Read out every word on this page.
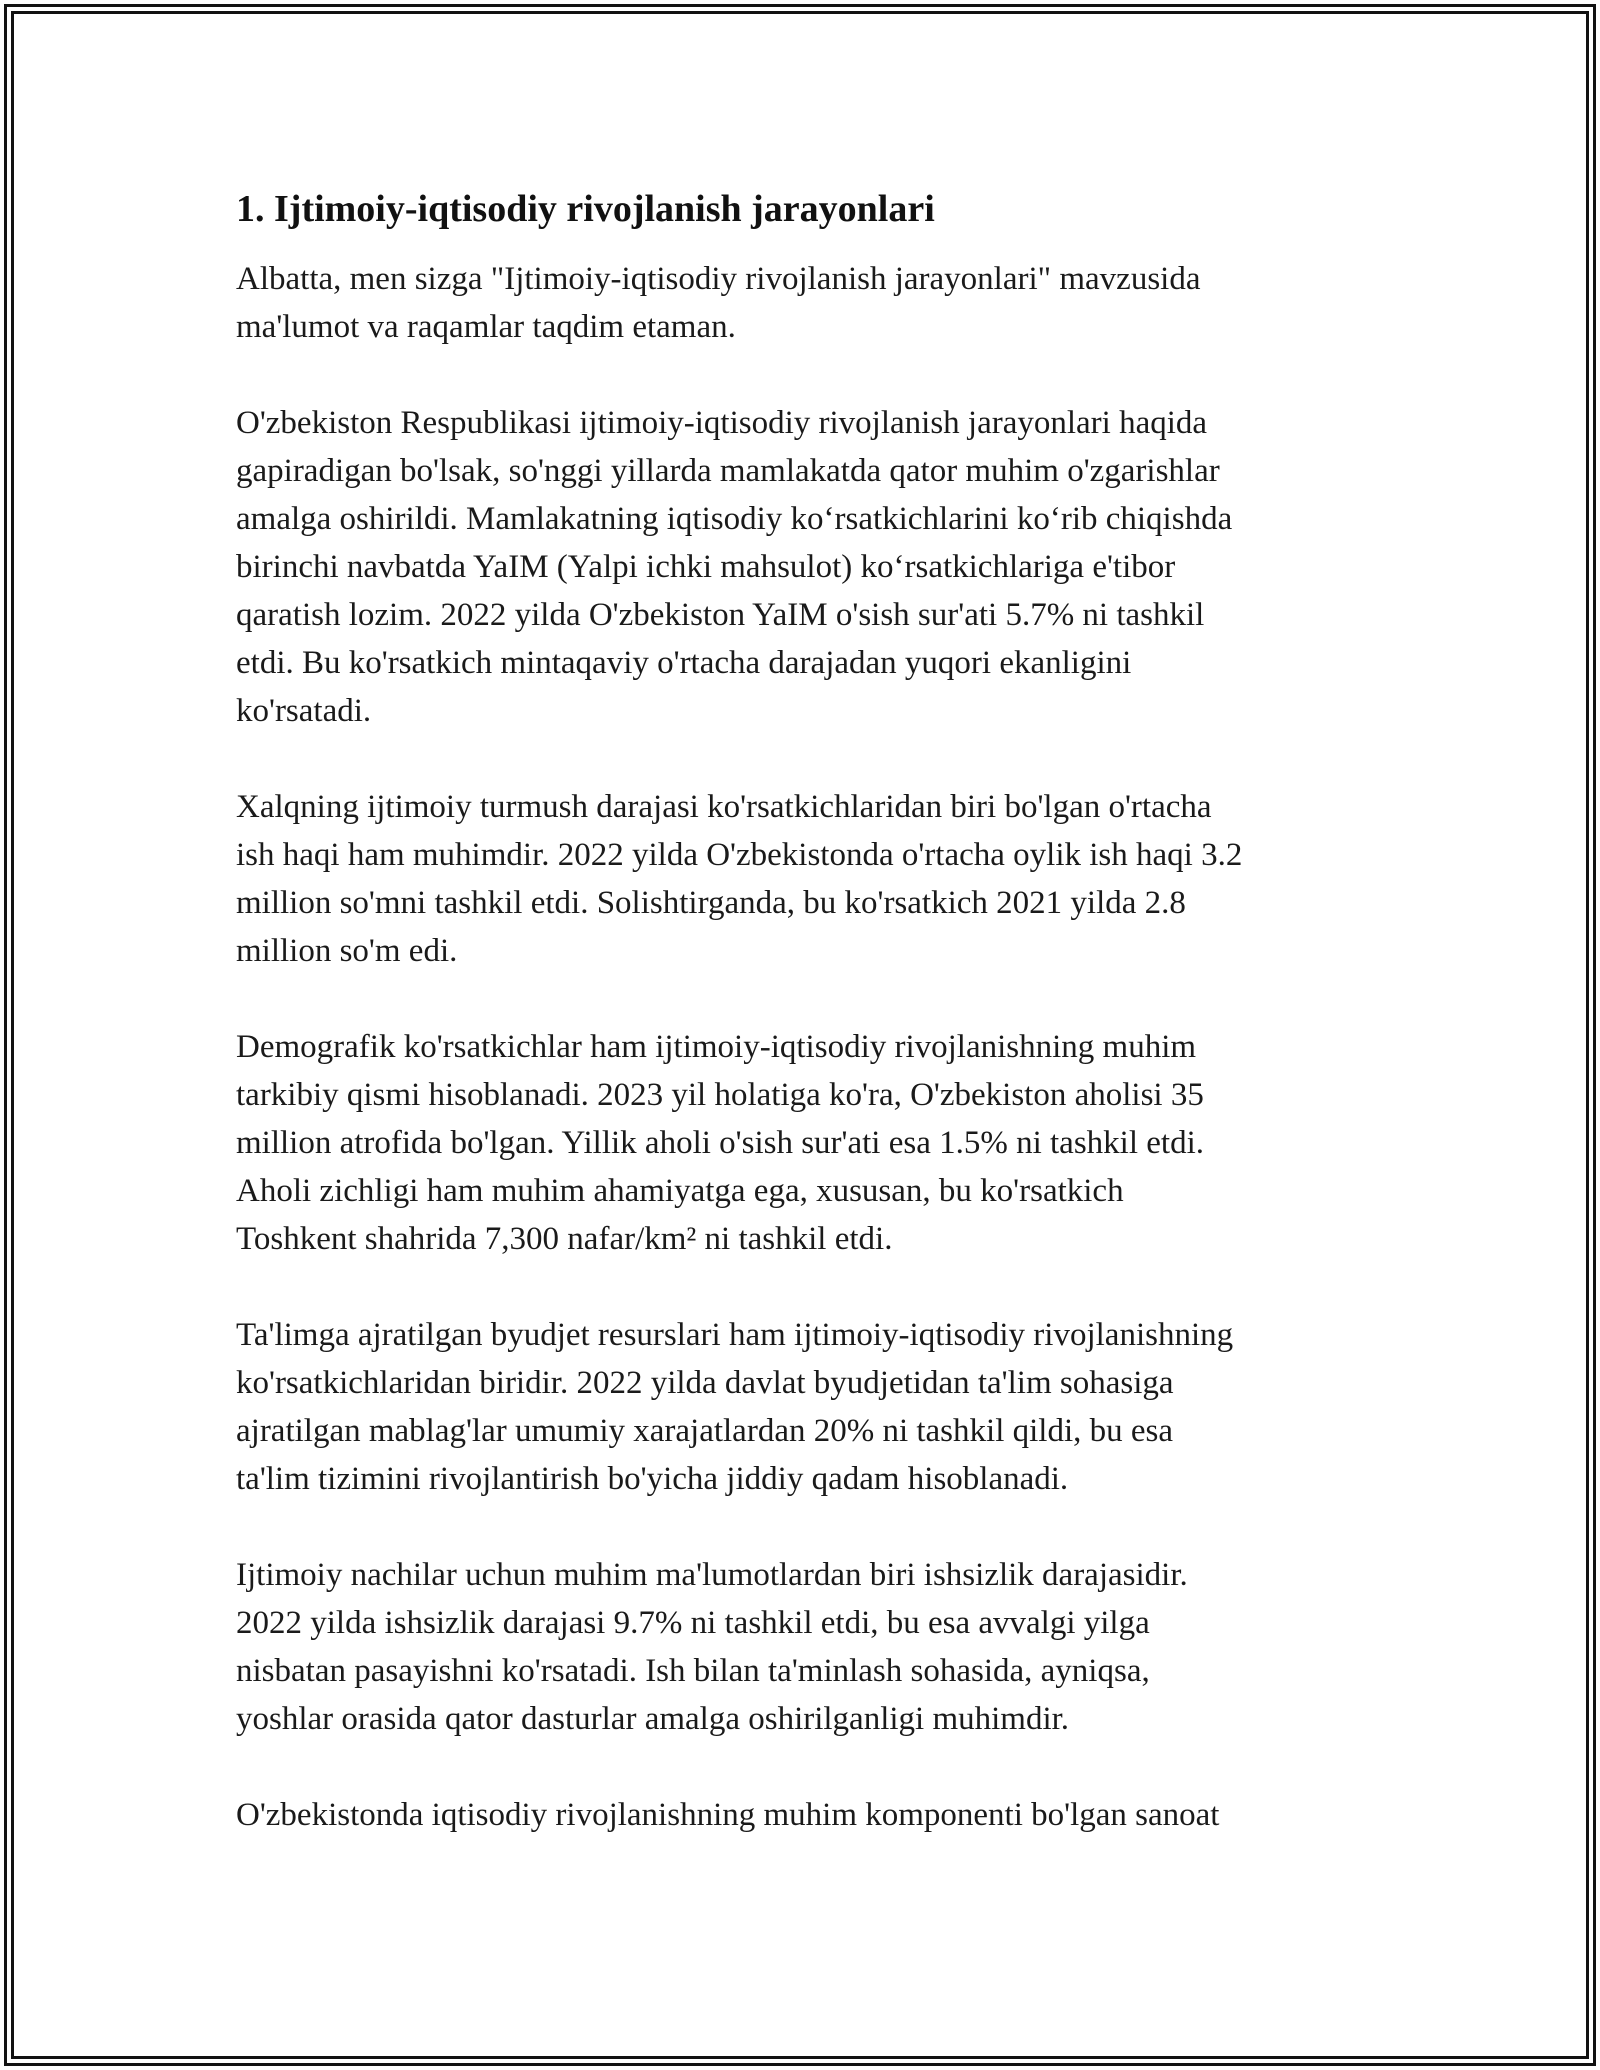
1. Ijtimoiy-iqtisodiy rivojlanish jarayonlari

Albatta, men sizga "Ijtimoiy-iqtisodiy rivojlanish jarayonlari" mavzusida
ma'lumot va raqamlar taqdim etaman.

O'zbekiston Respublikasi ijtimoiy-iqtisodiy rivojlanish jarayonlari haqida
gapiradigan bo'lsak, so'nggi yillarda mamlakatda qator muhim o'zgarishlar
amalga oshirildi. Mamlakatning iqtisodiy ko‘rsatkichlarini ko‘rib chiqishda
birinchi navbatda YaIM (Yalpi ichki mahsulot) ko‘rsatkichlariga e'tibor
qaratish lozim. 2022 yilda O'zbekiston YaIM o'sish sur'ati 5.7% ni tashkil
etdi. Bu ko'rsatkich mintaqaviy o'rtacha darajadan yuqori ekanligini
ko'rsatadi.

Xalqning ijtimoiy turmush darajasi ko'rsatkichlaridan biri bo'lgan o'rtacha
ish haqi ham muhimdir. 2022 yilda O'zbekistonda o'rtacha oylik ish haqi 3.2
million so'mni tashkil etdi. Solishtirganda, bu ko'rsatkich 2021 yilda 2.8
million so'm edi.

Demografik ko'rsatkichlar ham ijtimoiy-iqtisodiy rivojlanishning muhim
tarkibiy qismi hisoblanadi. 2023 yil holatiga ko'ra, O'zbekiston aholisi 35
million atrofida bo'lgan. Yillik aholi o'sish sur'ati esa 1.5% ni tashkil etdi.
Aholi zichligi ham muhim ahamiyatga ega, xususan, bu ko'rsatkich
Toshkent shahrida 7,300 nafar/km² ni tashkil etdi.

Ta'limga ajratilgan byudjet resurslari ham ijtimoiy-iqtisodiy rivojlanishning
ko'rsatkichlaridan biridir. 2022 yilda davlat byudjetidan ta'lim sohasiga
ajratilgan mablag'lar umumiy xarajatlardan 20% ni tashkil qildi, bu esa
ta'lim tizimini rivojlantirish bo'yicha jiddiy qadam hisoblanadi.

Ijtimoiy nachilar uchun muhim ma'lumotlardan biri ishsizlik darajasidir.
2022 yilda ishsizlik darajasi 9.7% ni tashkil etdi, bu esa avvalgi yilga
nisbatan pasayishni ko'rsatadi. Ish bilan ta'minlash sohasida, ayniqsa,
yoshlar orasida qator dasturlar amalga oshirilganligi muhimdir.

O'zbekistonda iqtisodiy rivojlanishning muhim komponenti bo'lgan sanoat
